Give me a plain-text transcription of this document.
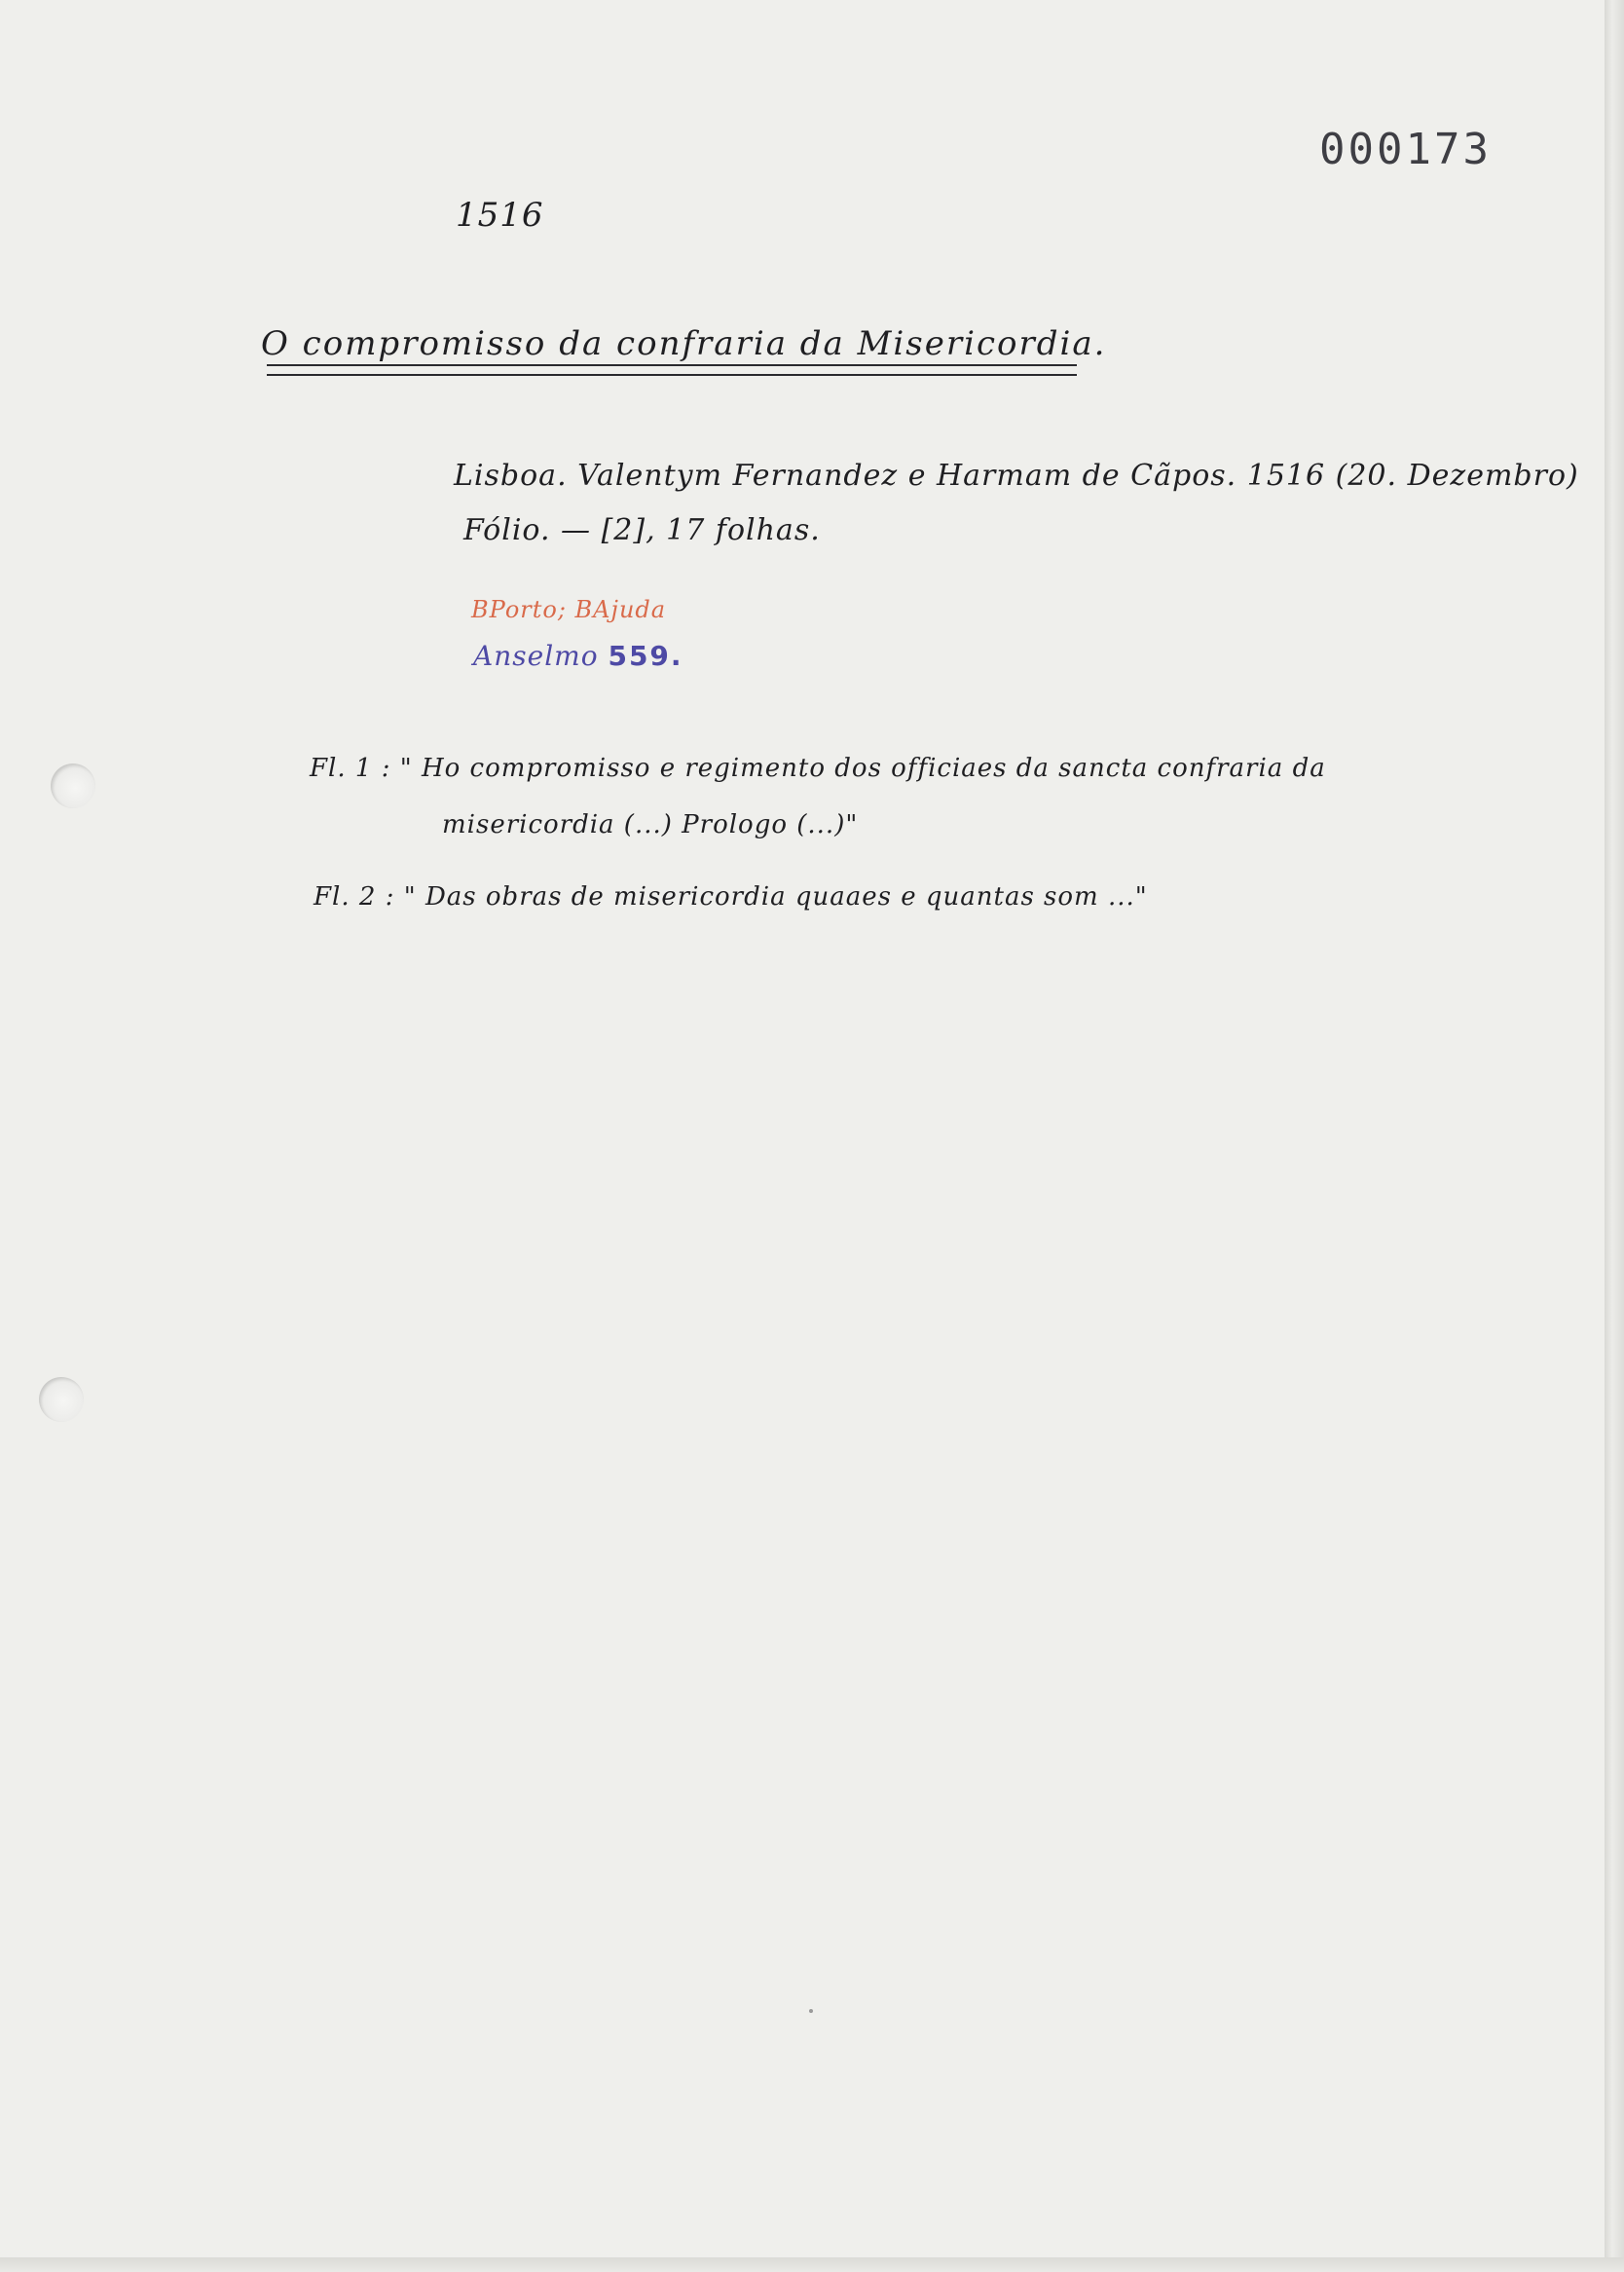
000173
1516
O compromisso da confraria da Misericordia.
Lisboa. Valentym Fernandez e Harmam de Cãpos. 1516 (20. Dezembro)
Fólio. — [2], 17 folhas.
BPorto; BAjuda
Anselmo 559.
Fl. 1 : " Ho compromisso e regimento dos officiaes da sancta confraria da
misericordia (...) Prologo (...)"
Fl. 2 : " Das obras de misericordia quaaes e quantas som ..."
